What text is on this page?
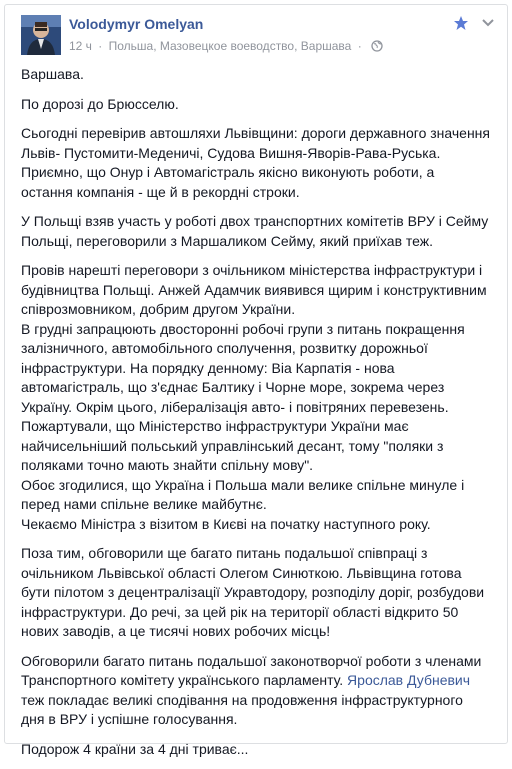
Volodymyr Omelyan
12 ч · Польша, Мазовецкое воеводство, Варшава ·

Варшава.

По дорозі до Брюсселю.

Сьогодні перевірив автошляхи Львівщини: дороги державного значення
Львів- Пустомити-Меденичі, Судова Вишня-Яворів-Рава-Руська.
Приємно, що Онур і Автомагістраль якісно виконують роботи, а
остання компанія - ще й в рекордні строки.

У Польщі взяв участь у роботі двох транспортних комітетів ВРУ і Сейму
Польщі, переговорили з Маршаликом Сейму, який приїхав теж.

Провів нарешті переговори з очільником міністерства інфраструктури і
будівництва Польщі. Анжей Адамчик виявився щирим і конструктивним
співрозмовником, добрим другом України.
В грудні запрацюють двосторонні робочі групи з питань покращення
залізничного, автомобільного сполучення, розвитку дорожньої
інфраструктури. На порядку денному: Віа Карпатія - нова
автомагістраль, що з'єднає Балтику і Чорне море, зокрема через
Україну. Окрім цього, лібералізація авто- і повітряних перевезень.
Пожартували, що Міністерство інфраструктури України має
найчисельніший польський управлінський десант, тому "поляки з
поляками точно мають знайти спільну мову".
Обоє згодилися, що Україна і Польша мали велике спільне минуле і
перед нами спільне велике майбутнє.
Чекаємо Міністра з візитом в Києві на початку наступного року.

Поза тим, обговорили ще багато питань подальшої співпраці з
очільником Львівської області Олегом Синюткою. Львівщина готова
бути пілотом з децентралізації Укравтодору, розподілу доріг, розбудови
інфраструктури. До речі, за цей рік на території області відкрито 50
нових заводів, а це тисячі нових робочих місць!

Обговорили багато питань подальшої законотворчої роботи з членами
Транспортного комітету українського парламенту. Ярослав Дубневич
теж покладає великі сподівання на продовження інфраструктурного
дня в ВРУ і успішне голосування.

Подорож 4 країни за 4 дні триває...
